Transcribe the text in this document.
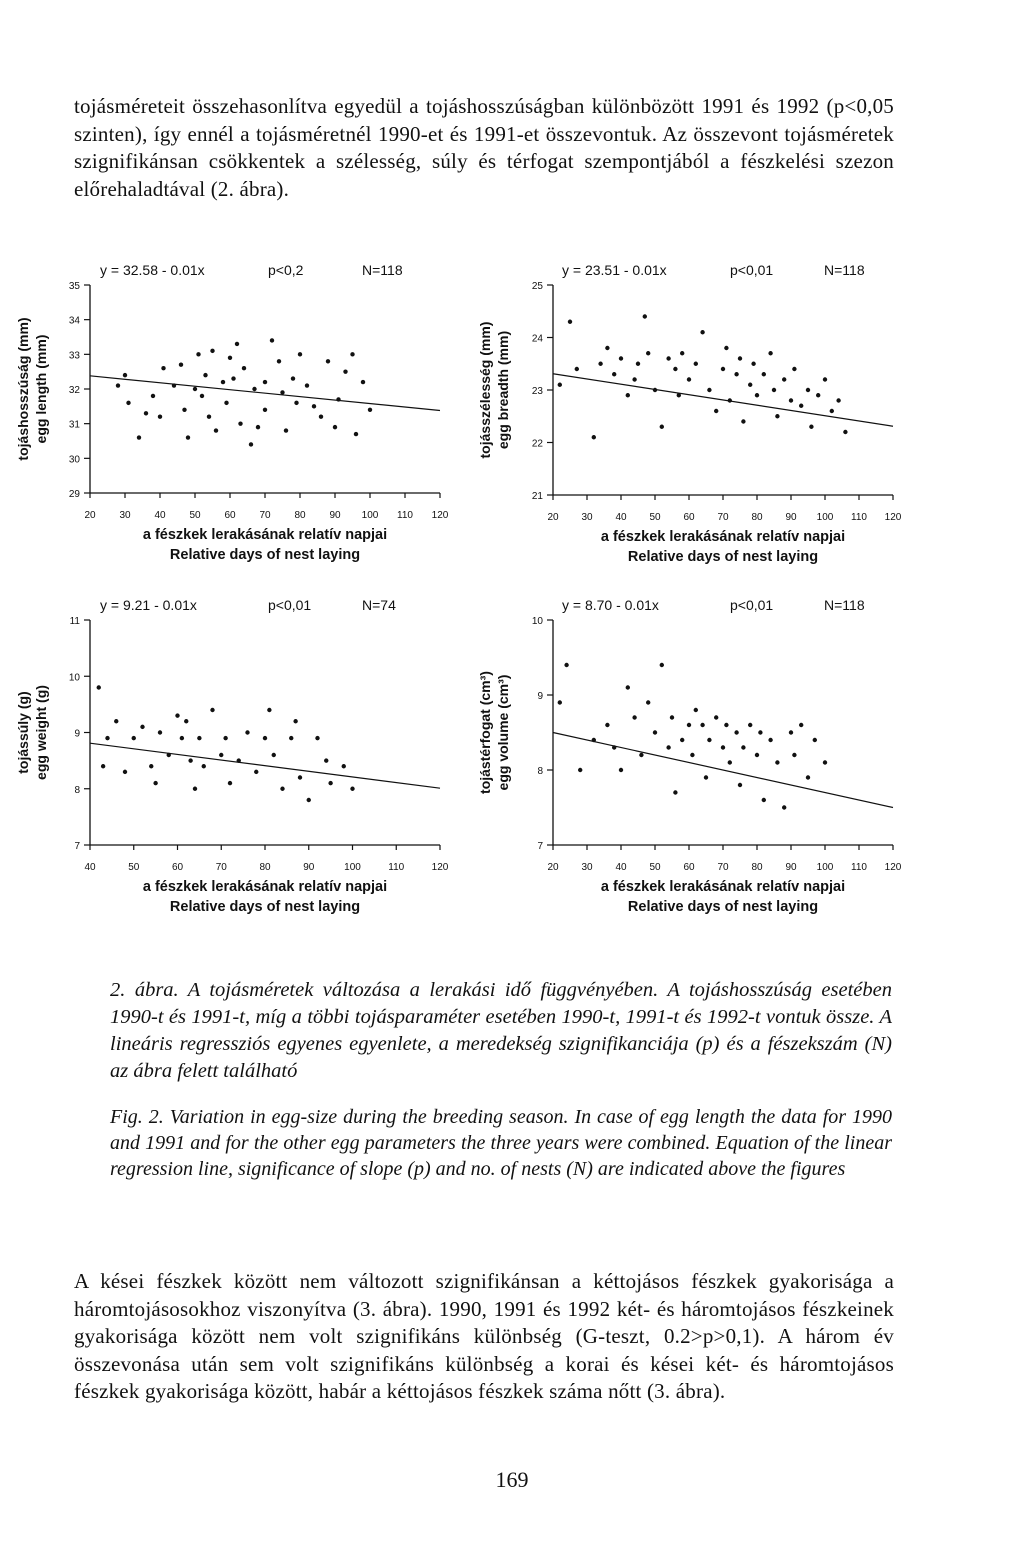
tojásméreteit összehasonlítva egyedül a tojáshosszúságban különbözött 1991 és 1992 (p<0,05 szinten), így ennél a tojásméretnél 1990-et és 1991-et összevontuk. Az összevont tojásméretek szignifikánsan csökkentek a szélesség, súly és térfogat szempontjából a fészkelési szezon előrehaladtával (2. ábra).

y = 32.58 - 0.01x	p<0,2	N=118
35
34
33
32
31
30
29
20 30 40 50 60 70 80 90 100 110 120
a fészkek lerakásának relatív napjai
Relative days of nest laying
tojáshosszúság (mm) egg length (mm)
y = 23.51 - 0.01x	p<0,01	N=118
25
24
23
22
21
20 30 40 50 60 70 80 90 100 110 120
a fészkek lerakásának relatív napjai
Relative days of nest laying
tojásszélesség (mm) egg breadth (mm)
y = 9.21 - 0.01x	p<0,01	N=74
11
10
9
8
7
40	50	60	70	80	90	100	110	120
a fészkek lerakásának relatív napjai
Relative days of nest laying
tojássúly (g) egg weight (g)
y = 8.70 - 0.01x	p<0,01	N=118
10
9
8
7
20 30 40 50 60 70 80 90 100 110 120
a fészkek lerakásának relatív napjai
Relative days of nest laying
tojástérfogat (cm³) egg volume (cm³)
2. ábra. A tojásméretek változása a lerakási idő függvényében. A tojáshosszúság esetében 1990-t és 1991-t, míg a többi tojásparaméter esetében 1990-t, 1991-t és 1992-t vontuk össze. A lineáris regressziós egyenes egyenlete, a meredekség szignifikanciája (p) és a fészekszám (N) az ábra felett található
Fig. 2. Variation in egg-size during the breeding season. In case of egg length the data for 1990 and 1991 and for the other egg parameters the three years were combined. Equation of the linear regression line, significance of slope (p) and no. of nests (N) are indicated above the figures

A kései fészkek között nem változott szignifikánsan a kéttojásos fészkek gyakorisága a háromtojásosokhoz viszonyítva (3. ábra). 1990, 1991 és 1992 két- és háromtojásos fészkeinek gyakorisága között nem volt szignifikáns különbség (G-teszt, 0.2>p>0,1). A három év összevonása után sem volt szignifikáns különbség a korai és kései két- és háromtojásos fészkek gyakorisága között, habár a kéttojásos fészkek száma nőtt (3. ábra).

169
